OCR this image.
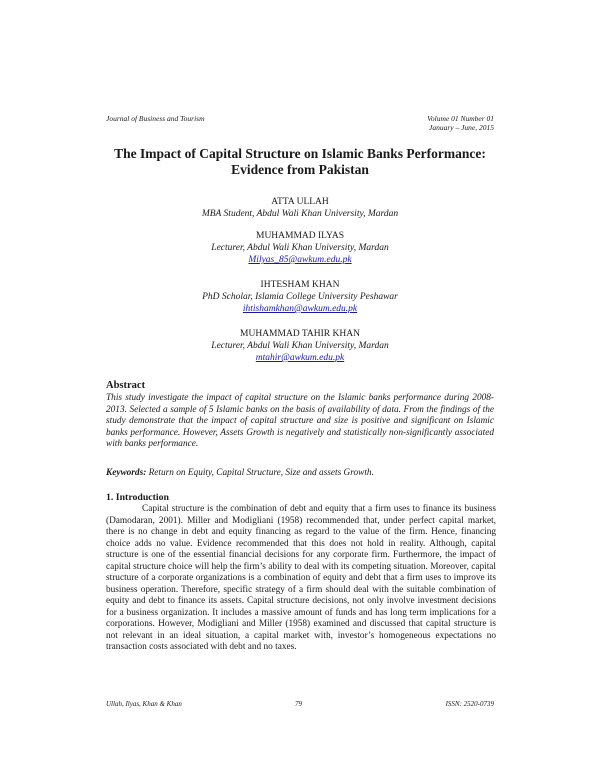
Journal of Business and Tourism	Volume 01 Number 01
January – June, 2015
The Impact of Capital Structure on Islamic Banks Performance:
Evidence from Pakistan
ATTA ULLAH
MBA Student, Abdul Wali Khan University, Mardan
MUHAMMAD ILYAS
Lecturer, Abdul Wali Khan University, Mardan
Milyas_85@awkum.edu.pk
IHTESHAM KHAN
PhD Scholar, Islamia College University Peshawar
ihtishamkhan@awkum.edu.pk
MUHAMMAD TAHIR KHAN
Lecturer, Abdul Wali Khan University, Mardan
mtahir@awkum.edu.pk
Abstract
This study investigate the impact of capital structure on the Islamic banks performance during 2008-2013. Selected a sample of 5 Islamic banks on the basis of availability of data. From the findings of the study demonstrate that the impact of capital structure and size is positive and significant on Islamic banks performance. However, Assets Growth is negatively and statistically non-significantly associated with banks performance.
Keywords: Return on Equity, Capital Structure, Size and assets Growth.
1. Introduction
Capital structure is the combination of debt and equity that a firm uses to finance its business (Damodaran, 2001). Miller and Modigliani (1958) recommended that, under perfect capital market, there is no change in debt and equity financing as regard to the value of the firm. Hence, financing choice adds no value. Evidence recommended that this does not hold in reality. Although, capital structure is one of the essential financial decisions for any corporate firm. Furthermore, the impact of capital structure choice will help the firm’s ability to deal with its competing situation. Moreover, capital structure of a corporate organizations is a combination of equity and debt that a firm uses to improve its business operation. Therefore, specific strategy of a firm should deal with the suitable combination of equity and debt to finance its assets. Capital structure decisions, not only involve investment decisions for a business organization. It includes a massive amount of funds and has long term implications for a corporations. However, Modigliani and Miller (1958) examined and discussed that capital structure is not relevant in an ideal situation, a capital market with, investor’s homogeneous expectations no transaction costs associated with debt and no taxes.
Ullah, Ilyas, Khan & Khan	79	ISSN: 2520-0739
